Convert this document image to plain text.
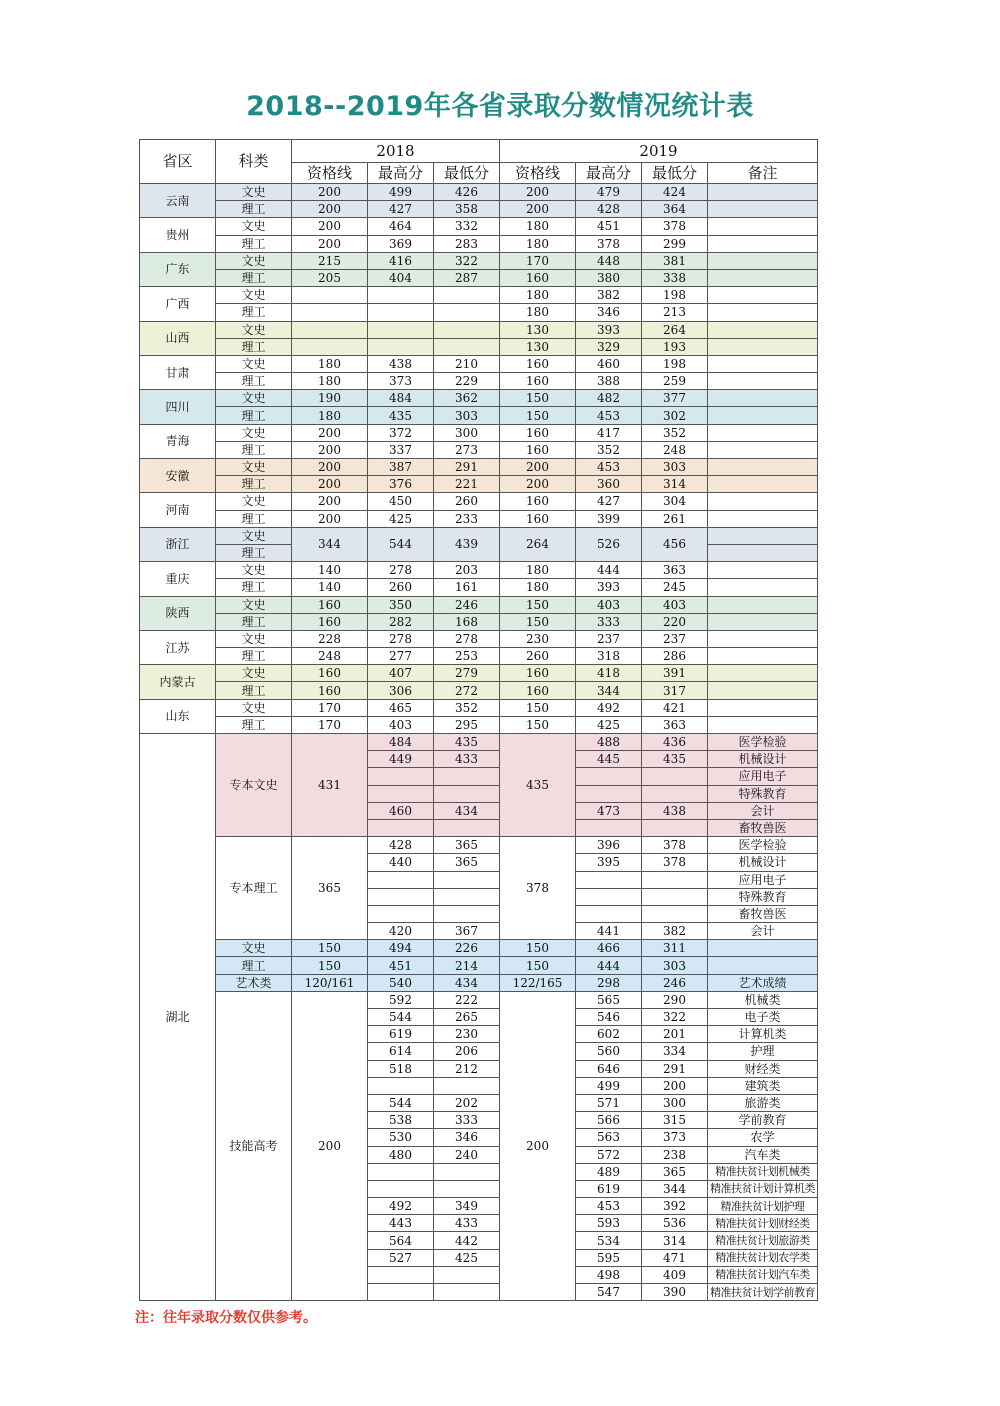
2018--2019年各省录取分数情况统计表
省区	科类	2018			2019			
		资格线	最高分	最低分	资格线	最高分	最低分	备注
云南	文史	200	499	426	200	479	424	
	理工	200	427	358	200	428	364	
贵州	文史	200	464	332	180	451	378	
	理工	200	369	283	180	378	299	
广东	文史	215	416	322	170	448	381	
	理工	205	404	287	160	380	338	
广西	文史				180	382	198	
	理工				180	346	213	
山西	文史				130	393	264	
	理工				130	329	193	
甘肃	文史	180	438	210	160	460	198	
	理工	180	373	229	160	388	259	
四川	文史	190	484	362	150	482	377	
	理工	180	435	303	150	453	302	
青海	文史	200	372	300	160	417	352	
	理工	200	337	273	160	352	248	
安徽	文史	200	387	291	200	453	303	
	理工	200	376	221	200	360	314	
河南	文史	200	450	260	160	427	304	
	理工	200	425	233	160	399	261	
浙江	文史	344	544	439	264	526	456	
	理工							
重庆	文史	140	278	203	180	444	363	
	理工	140	260	161	180	393	245	
陕西	文史	160	350	246	150	403	403	
	理工	160	282	168	150	333	220	
江苏	文史	228	278	278	230	237	237	
	理工	248	277	253	260	318	286	
内蒙古	文史	160	407	279	160	418	391	
	理工	160	306	272	160	344	317	
山东	文史	170	465	352	150	492	421	
	理工	170	403	295	150	425	363	
湖北	专本文史	431	484	435	435	488	436	医学检验
			449	433		445	435	机械设计
								应用电子
								特殊教育
			460	434		473	438	会计
								畜牧兽医
	专本理工	365	428	365	378	396	378	医学检验
			440	365		395	378	机械设计
								应用电子
								特殊教育
								畜牧兽医
			420	367		441	382	会计
	文史	150	494	226	150	466	311	
	理工	150	451	214	150	444	303	
	艺术类	120/161	540	434	122/165	298	246	艺术成绩
	技能高考	200	592	222	200	565	290	机械类
			544	265		546	322	电子类
			619	230		602	201	计算机类
			614	206		560	334	护理
			518	212		646	291	财经类
						499	200	建筑类
			544	202		571	300	旅游类
			538	333		566	315	学前教育
			530	346		563	373	农学
			480	240		572	238	汽车类
						489	365	精准扶贫计划机械类
						619	344	精准扶贫计划计算机类
			492	349		453	392	精准扶贫计划护理
			443	433		593	536	精准扶贫计划财经类
			564	442		534	314	精准扶贫计划旅游类
			527	425		595	471	精准扶贫计划农学类
						498	409	精准扶贫计划汽车类
						547	390	精准扶贫计划学前教育
注：往年录取分数仅供参考。
